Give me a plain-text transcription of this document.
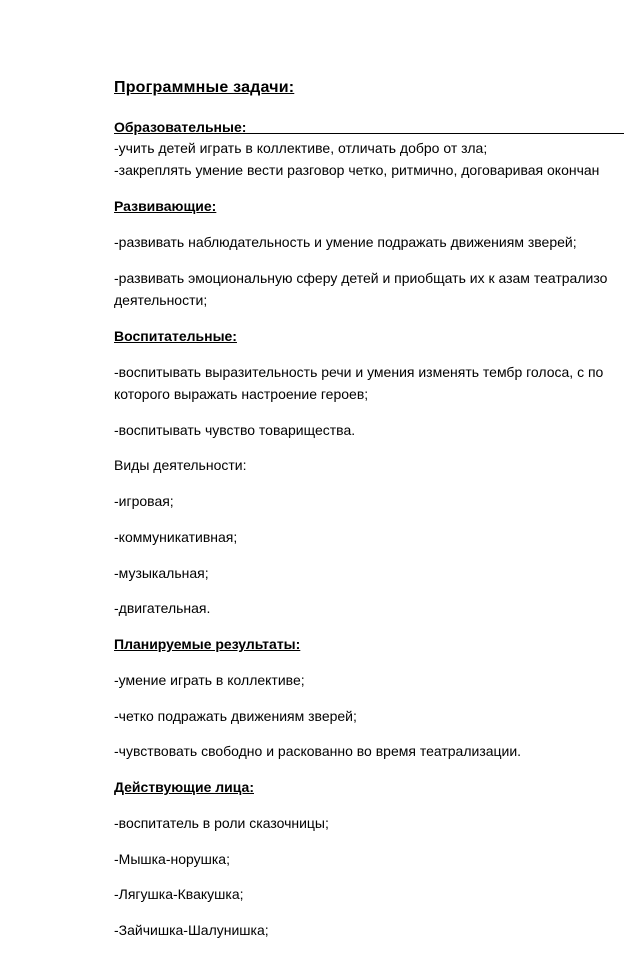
Программные задачи:
Образовательные:
-учить детей играть в коллективе, отличать добро от зла;
-закреплять умение вести разговор четко, ритмично, договаривая окончан
Развивающие:
-развивать наблюдательность и умение подражать движениям зверей;
-развивать эмоциональную сферу детей и приобщать их к азам театрализо
деятельности;
Воспитательные:
-воспитывать выразительность речи и умения изменять тембр голоса, с по
которого выражать настроение героев;
-воспитывать чувство товарищества.
Виды деятельности:
-игровая;
-коммуникативная;
-музыкальная;
-двигательная.
Планируемые результаты:
-умение играть в коллективе;
-четко подражать движениям зверей;
-чувствовать свободно и раскованно во время театрализации.
Действующие лица:
-воспитатель в роли сказочницы;
-Мышка-норушка;
-Лягушка-Квакушка;
-Зайчишка-Шалунишка;
